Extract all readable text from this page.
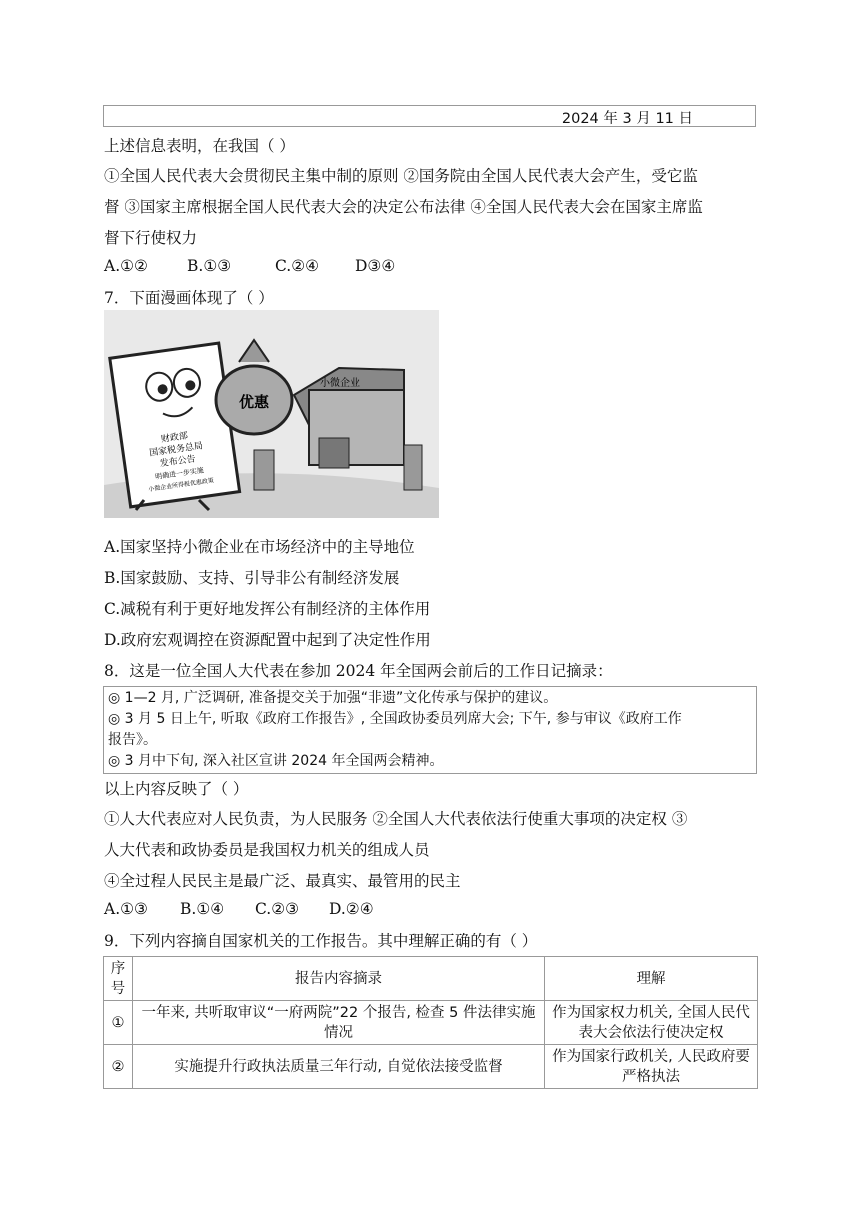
2024 年 3 月 11 日
上述信息表明，在我国（ ）
①全国人民代表大会贯彻民主集中制的原则 ②国务院由全国人民代表大会产生，受它监
督 ③国家主席根据全国人民代表大会的决定公布法律 ④全国人民代表大会在国家主席监
督下行使权力
A.①②	B.①③	C.②④ D③④
7．下面漫画体现了（ ）
财政部
国家税务总局
发布公告
明确进一步实施
小微企业所得税优惠政策
优惠
小微企业
A.国家坚持小微企业在市场经济中的主导地位
B.国家鼓励、支持、引导非公有制经济发展
C.减税有利于更好地发挥公有制经济的主体作用
D.政府宏观调控在资源配置中起到了决定性作用
8．这是一位全国人大代表在参加 2024 年全国两会前后的工作日记摘录：
◎ 1—2 月, 广泛调研, 准备提交关于加强“非遗”文化传承与保护的建议。
◎ 3 月 5 日上午, 听取《政府工作报告》, 全国政协委员列席大会; 下午, 参与审议《政府工作
报告》。
◎ 3 月中下旬, 深入社区宣讲 2024 年全国两会精神。
以上内容反映了（ ）
①人大代表应对人民负责，为人民服务 ②全国人大代表依法行使重大事项的决定权 ③
人大代表和政协委员是我国权力机关的组成人员
④全过程人民民主是最广泛、最真实、最管用的民主
A.①③ B.①④ C.②③ D.②④
9．下列内容摘自国家机关的工作报告。其中理解正确的有（ ）
序号	报告内容摘录	理解
①	一年来, 共听取审议“一府两院”22 个报告, 检查 5 件法律实施情况	作为国家权力机关, 全国人民代表大会依法行使决定权
②	实施提升行政执法质量三年行动, 自觉依法接受监督	作为国家行政机关, 人民政府要严格执法
